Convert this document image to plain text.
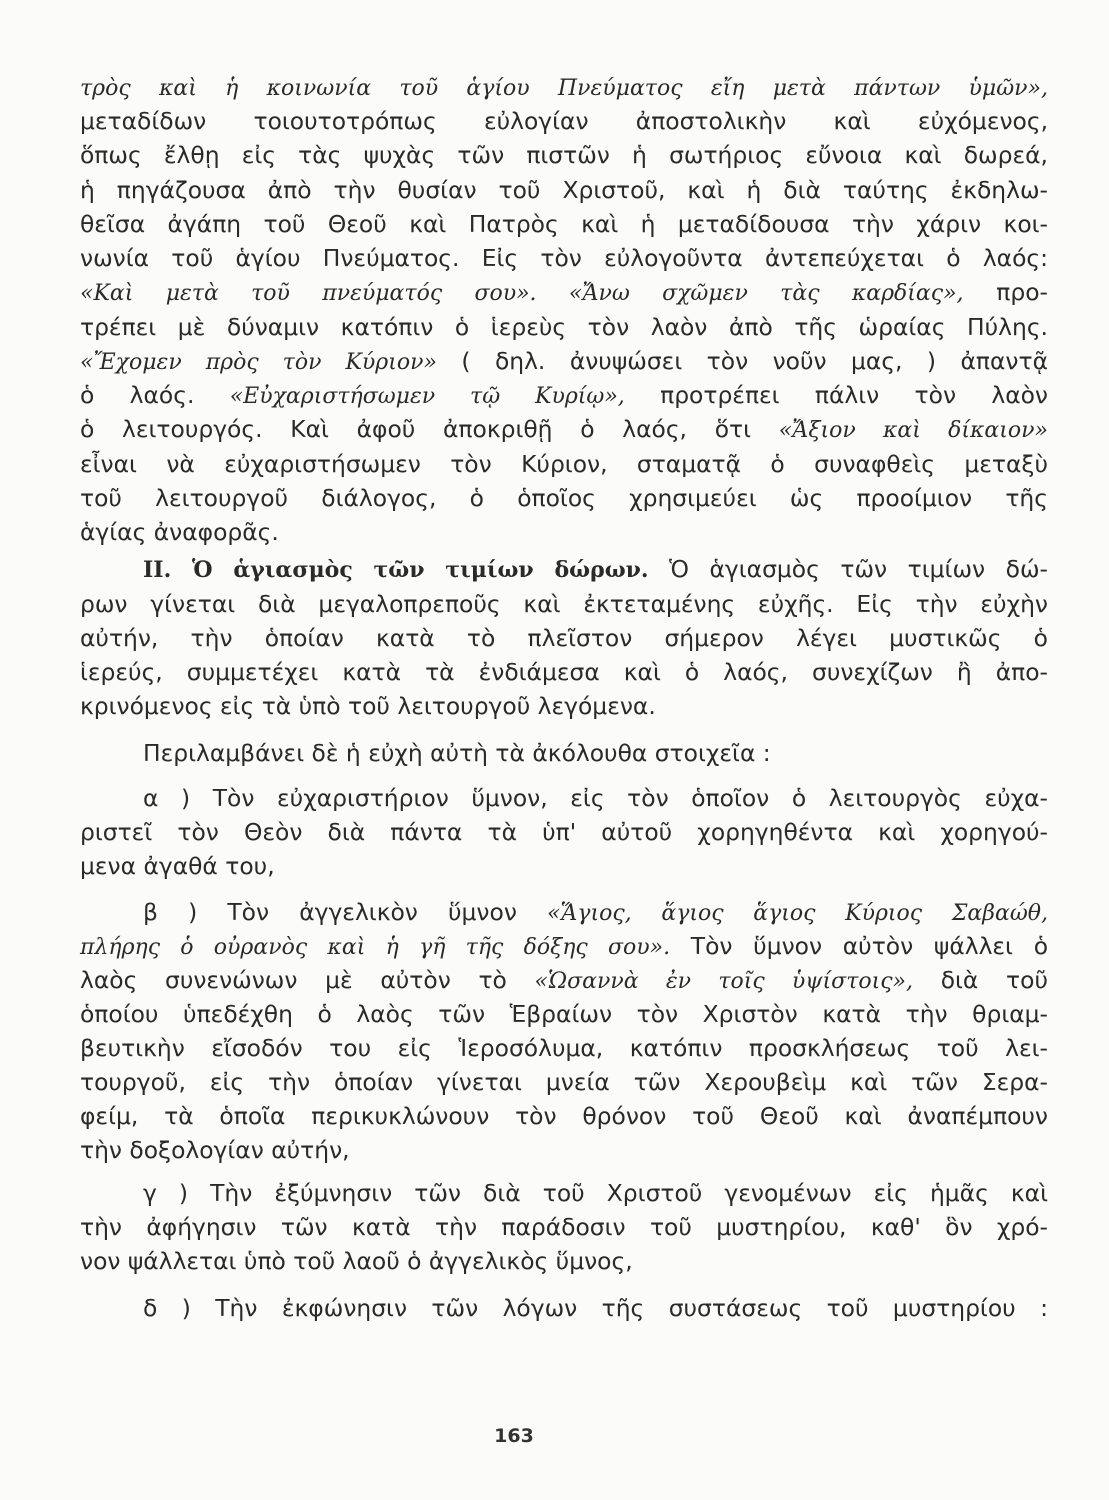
163
τρὸς καὶ ἡ κοινωνία τοῦ ἁγίου Πνεύματος εἴη μετὰ πάντων ὑμῶν»,
μεταδίδων τοιουτοτρόπως εὐλογίαν ἀποστολικὴν καὶ εὐχόμενος,
ὅπως ἔλθῃ εἰς τὰς ψυχὰς τῶν πιστῶν ἡ σωτήριος εὔνοια καὶ δωρεά,
ἡ πηγάζουσα ἀπὸ τὴν θυσίαν τοῦ Χριστοῦ, καὶ ἡ διὰ ταύτης ἐκδηλω-
θεῖσα ἀγάπη τοῦ Θεοῦ καὶ Πατρὸς καὶ ἡ μεταδίδουσα τὴν χάριν κοι-
νωνία τοῦ ἁγίου Πνεύματος. Εἰς τὸν εὐλογοῦντα ἀντεπεύχεται ὁ λαός:
«Καὶ μετὰ τοῦ πνεύματός σου». «Ἄνω σχῶμεν τὰς καρδίας», προ-
τρέπει μὲ δύναμιν κατόπιν ὁ ἱερεὺς τὸν λαὸν ἀπὸ τῆς ὡραίας Πύλης.
«Ἔχομεν πρὸς τὸν Κύριον» ( δηλ. ἀνυψώσει τὸν νοῦν μας, ) ἀπαντᾷ
ὁ λαός. «Εὐχαριστήσωμεν τῷ Κυρίῳ», προτρέπει πάλιν τὸν λαὸν
ὁ λειτουργός. Καὶ ἀφοῦ ἀποκριθῇ ὁ λαός, ὅτι «Ἄξιον καὶ δίκαιον»
εἶναι νὰ εὐχαριστήσωμεν τὸν Κύριον, σταματᾷ ὁ συναφθεὶς μεταξὺ
τοῦ λειτουργοῦ διάλογος, ὁ ὁποῖος χρησιμεύει ὡς προοίμιον τῆς
ἁγίας ἀναφορᾶς.
II. Ὁ ἁγιασμὸς τῶν τιμίων δώρων. Ὁ ἁγιασμὸς τῶν τιμίων δώ-
ρων γίνεται διὰ μεγαλοπρεποῦς καὶ ἐκτεταμένης εὐχῆς. Εἰς τὴν εὐχὴν
αὐτήν, τὴν ὁποίαν κατὰ τὸ πλεῖστον σήμερον λέγει μυστικῶς ὁ
ἱερεύς, συμμετέχει κατὰ τὰ ἐνδιάμεσα καὶ ὁ λαός, συνεχίζων ἢ ἀπο-
κρινόμενος εἰς τὰ ὑπὸ τοῦ λειτουργοῦ λεγόμενα.
Περιλαμβάνει δὲ ἡ εὐχὴ αὐτὴ τὰ ἀκόλουθα στοιχεῖα :
α ) Τὸν εὐχαριστήριον ὕμνον, εἰς τὸν ὁποῖον ὁ λειτουργὸς εὐχα-
ριστεῖ τὸν Θεὸν διὰ πάντα τὰ ὑπ' αὐτοῦ χορηγηθέντα καὶ χορηγού-
μενα ἀγαθά του,
β ) Τὸν ἀγγελικὸν ὕμνον «Ἅγιος, ἅγιος ἅγιος Κύριος Σαβαώθ,
πλήρης ὁ οὐρανὸς καὶ ἡ γῆ τῆς δόξης σου». Τὸν ὕμνον αὐτὸν ψάλλει ὁ
λαὸς συνενώνων μὲ αὐτὸν τὸ «Ὡσαννὰ ἐν τοῖς ὑψίστοις», διὰ τοῦ
ὁποίου ὑπεδέχθη ὁ λαὸς τῶν Ἑβραίων τὸν Χριστὸν κατὰ τὴν θριαμ-
βευτικὴν εἴσοδόν του εἰς Ἱεροσόλυμα, κατόπιν προσκλήσεως τοῦ λει-
τουργοῦ, εἰς τὴν ὁποίαν γίνεται μνεία τῶν Χερουβεὶμ καὶ τῶν Σερα-
φείμ, τὰ ὁποῖα περικυκλώνουν τὸν θρόνον τοῦ Θεοῦ καὶ ἀναπέμπουν
τὴν δοξολογίαν αὐτήν,
γ ) Τὴν ἐξύμνησιν τῶν διὰ τοῦ Χριστοῦ γενομένων εἰς ἡμᾶς καὶ
τὴν ἀφήγησιν τῶν κατὰ τὴν παράδοσιν τοῦ μυστηρίου, καθ' ὃν χρό-
νον ψάλλεται ὑπὸ τοῦ λαοῦ ὁ ἀγγελικὸς ὕμνος,
δ ) Τὴν ἐκφώνησιν τῶν λόγων τῆς συστάσεως τοῦ μυστηρίου :
